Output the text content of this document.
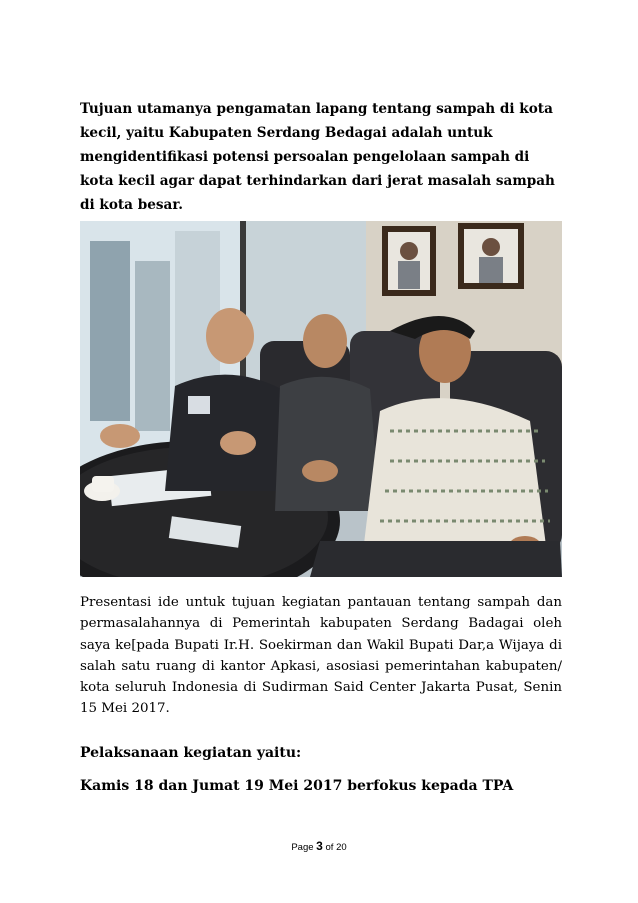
Tujuan utamanya pengamatan lapang tentang sampah di kota kecil, yaitu Kabupaten Serdang Bedagai adalah untuk mengidentifikasi potensi persoalan pengelolaan sampah di kota kecil agar dapat terhindarkan dari jerat masalah sampah di kota besar.

Presentasi ide untuk tujuan kegiatan pantauan tentang sampah dan permasalahannya di Pemerintah kabupaten Serdang Badagai oleh saya ke[pada Bupati Ir.H. Soekirman dan Wakil Bupati Dar,a Wijaya di salah satu ruang di kantor Apkasi, asosiasi pemerintahan kabupaten/ kota seluruh Indonesia di Sudirman Said Center Jakarta Pusat, Senin 15 Mei 2017.

Pelaksanaan kegiatan yaitu:

Kamis 18 dan Jumat 19 Mei 2017 berfokus kepada TPA

Page 3 of 20
